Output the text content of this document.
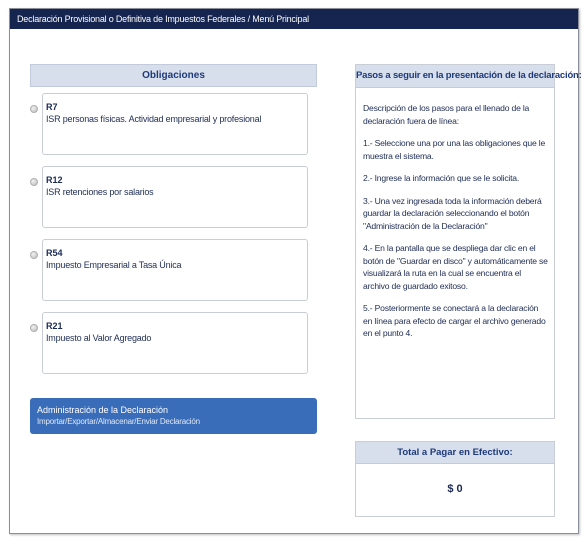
Declaración Provisional o Definitiva de Impuestos Federales / Menú Principal
Obligaciones
R7
ISR personas físicas. Actividad empresarial y profesional
R12
ISR retenciones por salarios
R54
Impuesto Empresarial a Tasa Única
R21
Impuesto al Valor Agregado
Administración de la Declaración
Importar/Exportar/Almacenar/Enviar Declaración
Pasos a seguir en la presentación de la declaración:

Descripción de los pasos para el llenado de la declaración fuera de línea:

1.- Seleccione una por una las obligaciones que le muestra el sistema.

2.- Ingrese la información que se le solicita.

3.- Una vez ingresada toda la información deberá guardar la declaración seleccionando el botón "Administración de la Declaración"

4.- En la pantalla que se despliega dar clic en el botón de "Guardar en disco" y automáticamente se visualizará la ruta en la cual se encuentra el archivo de guardado exitoso.

5.- Posteriormente se conectará a la declaración en línea para efecto de cargar el archivo generado en el punto 4.

Total a Pagar en Efectivo:
$ 0
